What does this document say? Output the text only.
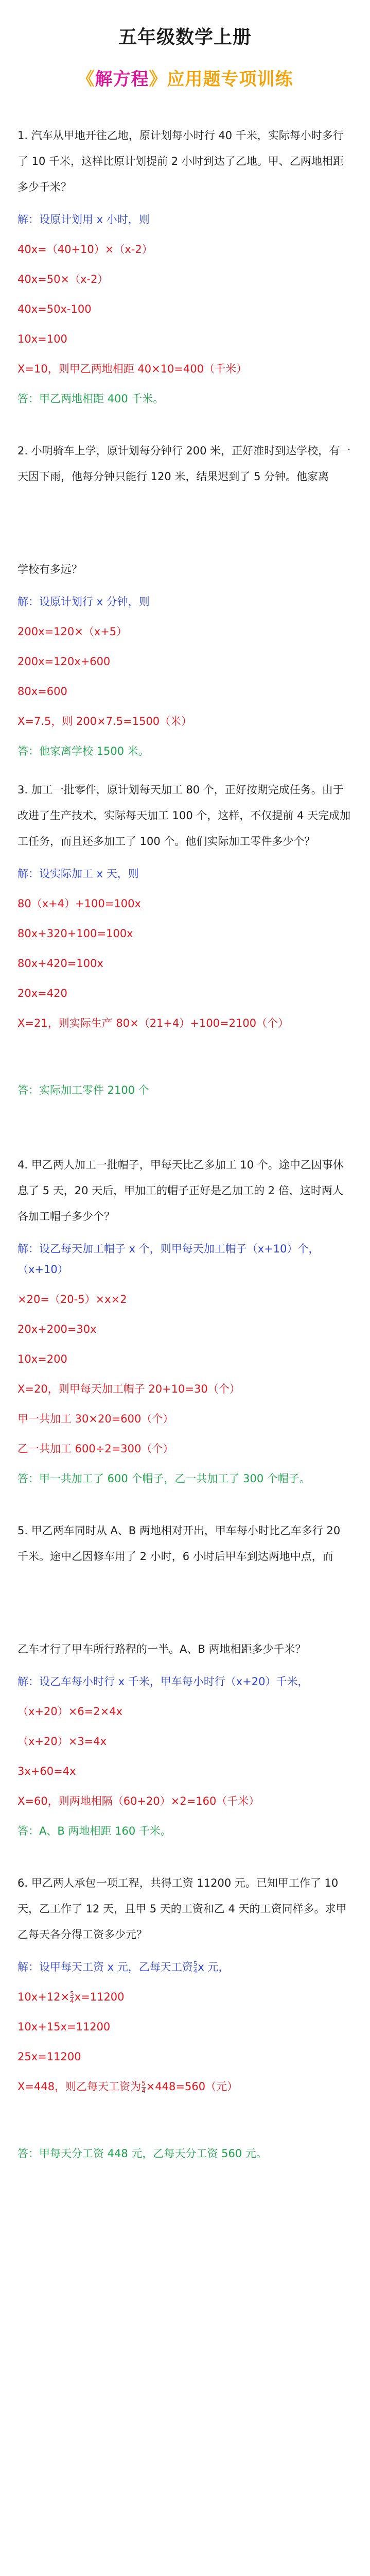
五年级数学上册
《解方程》应用题专项训练

1. 汽车从甲地开往乙地，原计划每小时行 40 千米，实际每小时多行了 10 千米，这样比原计划提前 2 小时到达了乙地。甲、乙两地相距多少千米？

解：设原计划用 x 小时，则

40x=（40+10）×（x-2）

40x=50×（x-2）

40x=50x-100

10x=100

X=10，则甲乙两地相距 40×10=400（千米）

答：甲乙两地相距 400 千米。

2. 小明骑车上学，原计划每分钟行 200 米，正好准时到达学校，有一天因下雨，他每分钟只能行 120 米，结果迟到了 5 分钟。他家离

学校有多远？

解：设原计划行 x 分钟，则

200x=120×（x+5）

200x=120x+600

80x=600

X=7.5，则 200×7.5=1500（米）

答：他家离学校 1500 米。

3. 加工一批零件，原计划每天加工 80 个，正好按期完成任务。由于改进了生产技术，实际每天加工 100 个，这样，不仅提前 4 天完成加工任务，而且还多加工了 100 个。他们实际加工零件多少个？

解：设实际加工 x 天，则

80（x+4）+100=100x

80x+320+100=100x

80x+420=100x

20x=420

X=21，则实际生产 80×（21+4）+100=2100（个）

答：实际加工零件 2100 个

4. 甲乙两人加工一批帽子，甲每天比乙多加工 10 个。途中乙因事休息了 5 天，20 天后，甲加工的帽子正好是乙加工的 2 倍，这时两人各加工帽子多少个？

解：设乙每天加工帽子 x 个，则甲每天加工帽子（x+10）个，（x+10）

×20=（20-5）×x×2

20x+200=30x

10x=200

X=20，则甲每天加工帽子 20+10=30（个）

甲一共加工 30×20=600（个）

乙一共加工 600÷2=300（个）

答：甲一共加工了 600 个帽子，乙一共加工了 300 个帽子。

5. 甲乙两车同时从 A、B 两地相对开出，甲车每小时比乙车多行 20 千米。途中乙因修车用了 2 小时，6 小时后甲车到达两地中点，而

乙车才行了甲车所行路程的一半。A、B 两地相距多少千米？

解：设乙车每小时行 x 千米，甲车每小时行（x+20）千米，

（x+20）×6=2×4x

（x+20）×3=4x

3x+60=4x

X=60，则两地相隔（60+20）×2=160（千米）

答：A、B 两地相距 160 千米。

6. 甲乙两人承包一项工程，共得工资 11200 元。已知甲工作了 10 天，乙工作了 12 天，且甲 5 天的工资和乙 4 天的工资同样多。求甲乙每天各分得工资多少元？

解：设甲每天工资 x 元，乙每天工资 $\frac{5}{4}$ x 元，

$10x+12\times \frac{5}{4} x=11200$

10x+15x=11200

25x=11200

X=448，则乙每天工资为 $\frac{5}{4} \times 448=560$（元）

答：甲每天分工资 448 元，乙每天分工资 560 元。
